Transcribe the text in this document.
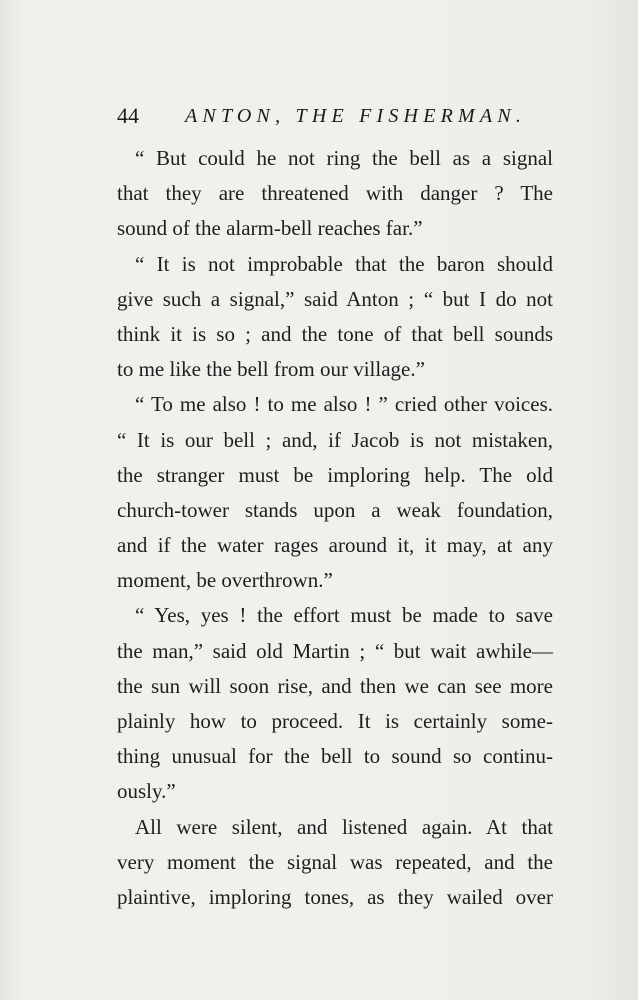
44 ANTON, THE FISHERMAN.
“ But could he not ring the bell as a signal
that they are threatened with danger ? The
sound of the alarm-bell reaches far.”
“ It is not improbable that the baron should
give such a signal,” said Anton ; “ but I do not
think it is so ; and the tone of that bell sounds
to me like the bell from our village.”
“ To me also ! to me also ! ” cried other voices.
“ It is our bell ; and, if Jacob is not mistaken,
the stranger must be imploring help. The old
church-tower stands upon a weak foundation,
and if the water rages around it, it may, at any
moment, be overthrown.”
“ Yes, yes ! the effort must be made to save
the man,” said old Martin ; “ but wait awhile—
the sun will soon rise, and then we can see more
plainly how to proceed. It is certainly some-
thing unusual for the bell to sound so continu-
ously.”
All were silent, and listened again. At that
very moment the signal was repeated, and the
plaintive, imploring tones, as they wailed over
